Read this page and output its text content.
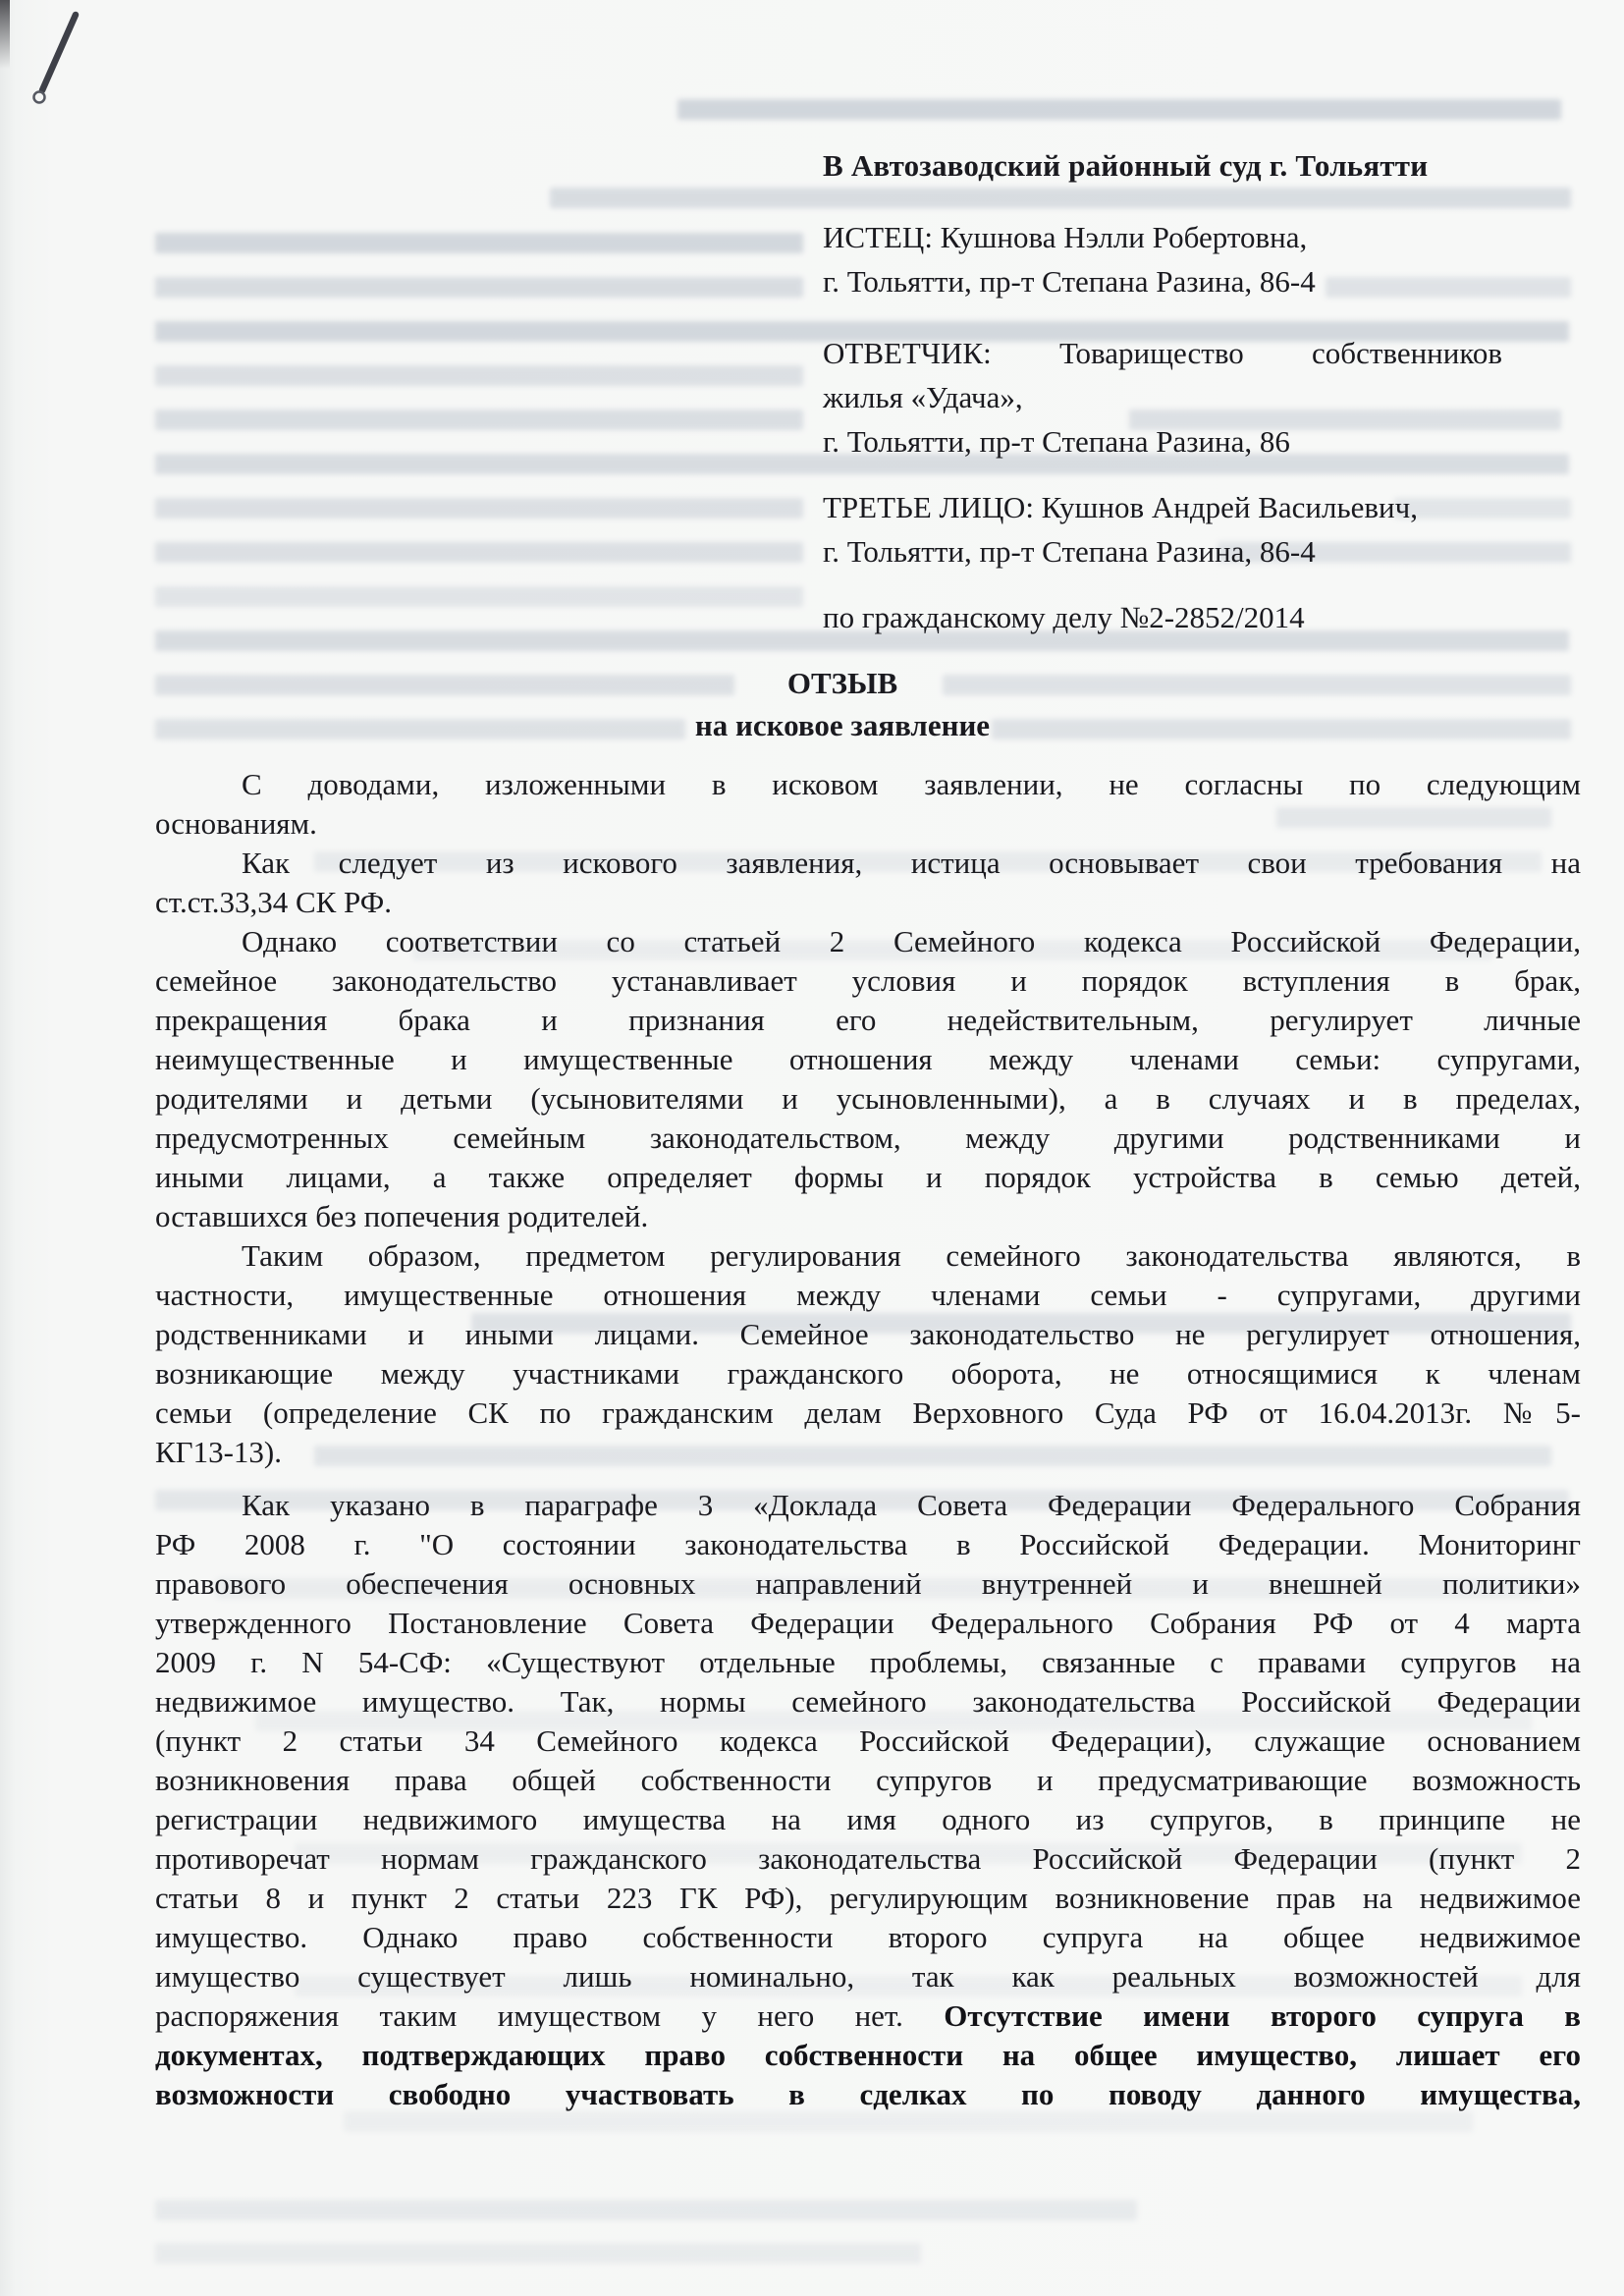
В Автозаводский районный суд г. Тольятти
ИСТЕЦ: Кушнова Нэлли Робертовна,
г. Тольятти, пр-т Степана Разина, 86-4
ОТВЕТЧИК: Товарищество собственников
жилья «Удача»,
г. Тольятти, пр-т Степана Разина, 86
ТРЕТЬЕ ЛИЦО: Кушнов Андрей Васильевич,
г. Тольятти, пр-т Степана Разина, 86-4
по гражданскому делу №2-2852/2014
ОТЗЫВ
на исковое заявление
С доводами, изложенными в исковом заявлении, не согласны по следующим
основаниям.
Как следует из искового заявления, истица основывает свои требования на
ст.ст.33,34 СК РФ.
Однако соответствии со статьей 2 Семейного кодекса Российской Федерации,
семейное законодательство устанавливает условия и порядок вступления в брак,
прекращения брака и признания его недействительным, регулирует личные
неимущественные и имущественные отношения между членами семьи: супругами,
родителями и детьми (усыновителями и усыновленными), а в случаях и в пределах,
предусмотренных семейным законодательством, между другими родственниками и
иными лицами, а также определяет формы и порядок устройства в семью детей,
оставшихся без попечения родителей.
Таким образом, предметом регулирования семейного законодательства являются, в
частности, имущественные отношения между членами семьи - супругами, другими
родственниками и иными лицами. Семейное законодательство не регулирует отношения,
возникающие между участниками гражданского оборота, не относящимися к членам
семьи (определение СК по гражданским делам Верховного Суда РФ от 16.04.2013г. №5-
КГ13-13).
Как указано в параграфе 3 «Доклада Совета Федерации Федерального Собрания
РФ 2008 г. "О состоянии законодательства в Российской Федерации. Мониторинг
правового обеспечения основных направлений внутренней и внешней политики»
утвержденного Постановление Совета Федерации Федерального Собрания РФ от 4 марта
2009 г. N 54-СФ: «Существуют отдельные проблемы, связанные с правами супругов на
недвижимое имущество. Так, нормы семейного законодательства Российской Федерации
(пункт 2 статьи 34 Семейного кодекса Российской Федерации), служащие основанием
возникновения права общей собственности супругов и предусматривающие возможность
регистрации недвижимого имущества на имя одного из супругов, в принципе не
противоречат нормам гражданского законодательства Российской Федерации (пункт 2
статьи 8 и пункт 2 статьи 223 ГК РФ), регулирующим возникновение прав на недвижимое
имущество. Однако право собственности второго супруга на общее недвижимое
имущество существует лишь номинально, так как реальных возможностей для
распоряжения таким имуществом у него нет. Отсутствие имени второго супруга в
документах, подтверждающих право собственности на общее имущество, лишает его
возможности свободно участвовать в сделках по поводу данного имущества,
